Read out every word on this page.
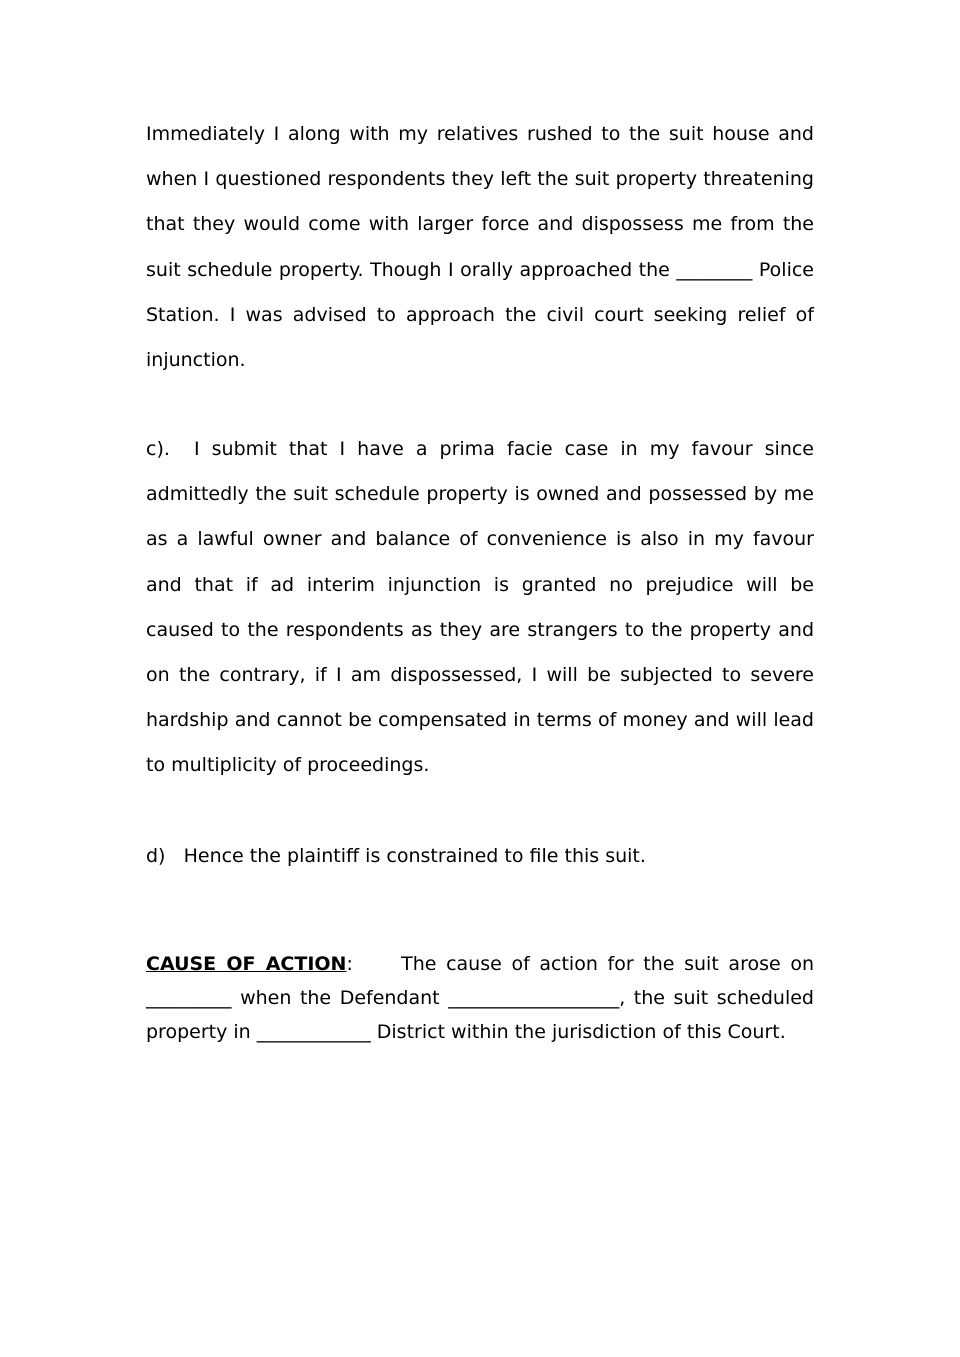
Immediately I along with my relatives rushed to the suit house and when I questioned respondents they left the suit property threatening that they would come with larger force and dispossess me from the suit schedule property. Though I orally approached the ________ Police Station. I was advised to approach the civil court seeking relief of injunction.

c).  I submit that I have a prima facie case in my favour since admittedly the suit schedule property is owned and possessed by me as a lawful owner and balance of convenience is also in my favour and that if ad interim injunction is granted no prejudice will be caused to the respondents as they are strangers to the property and on the contrary, if I am dispossessed, I will be subjected to severe hardship and cannot be compensated in terms of money and will lead to multiplicity of proceedings.

d)   Hence the plaintiff is constrained to file this suit.

CAUSE OF ACTION:     The cause of action for the suit arose on _________ when the Defendant __________________, the suit scheduled property in ____________ District within the jurisdiction of this Court.
